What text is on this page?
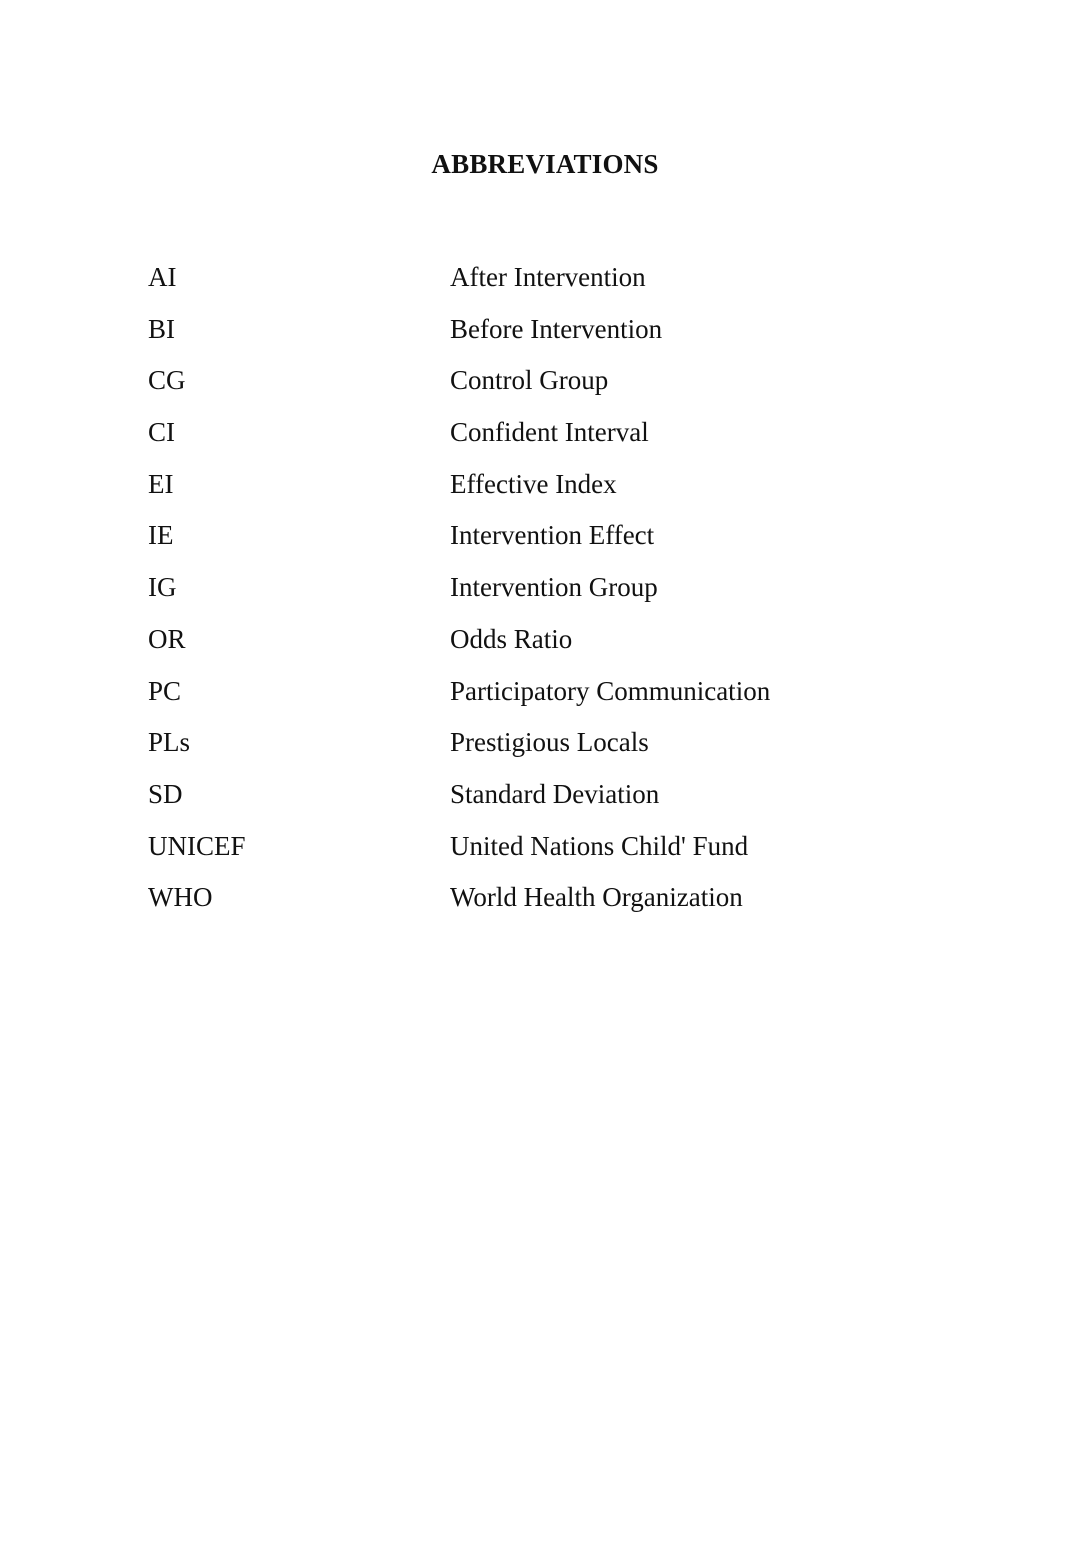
ABBREVIATIONS
AI	After Intervention
BI	Before Intervention
CG	Control Group
CI	Confident Interval
EI	Effective Index
IE	Intervention Effect
IG	Intervention Group
OR	Odds Ratio
PC	Participatory Communication
PLs	Prestigious Locals
SD	Standard Deviation
UNICEF	United Nations Child' Fund
WHO	World Health Organization
